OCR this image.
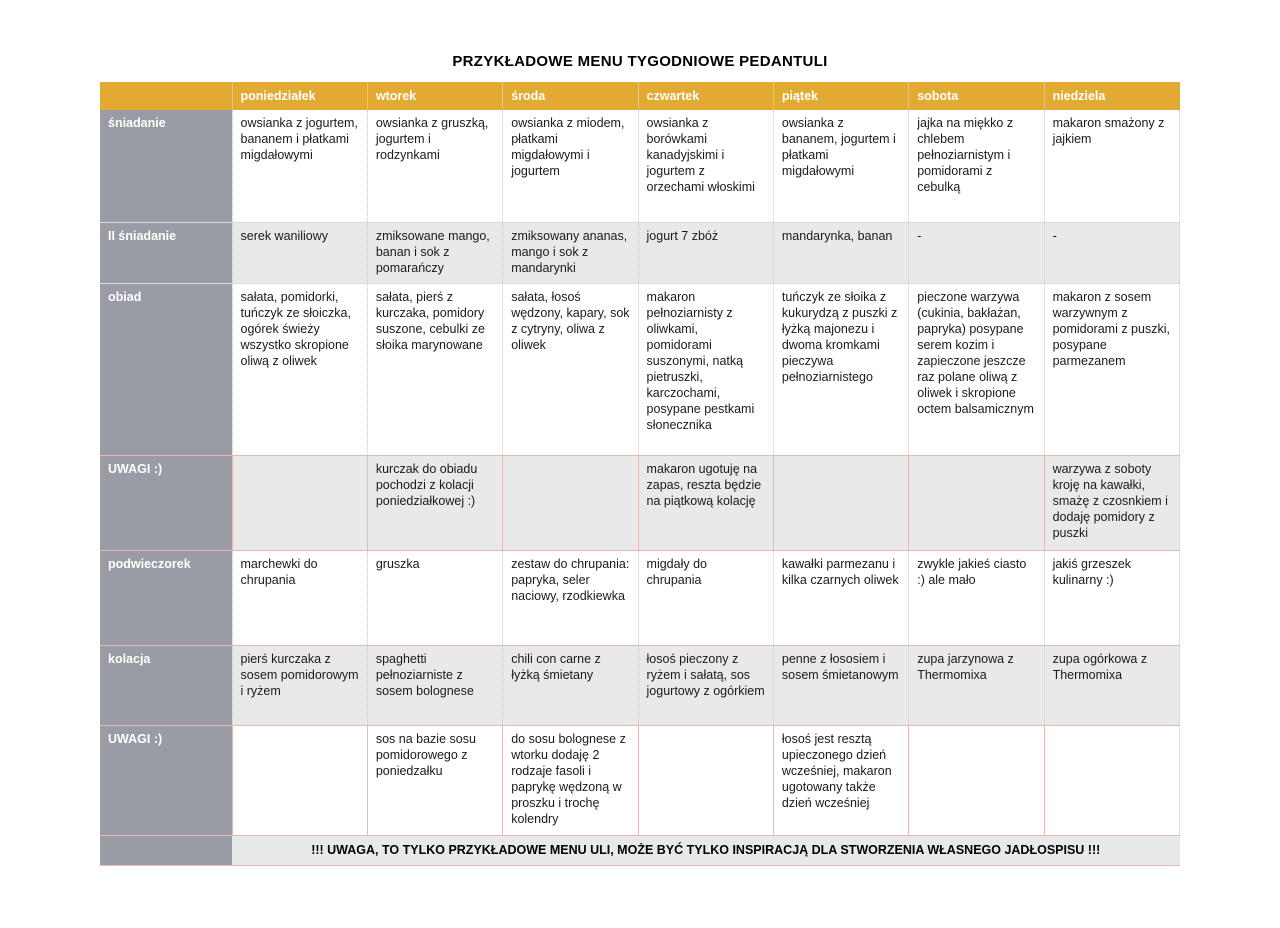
PRZYKŁADOWE MENU TYGODNIOWE PEDANTULI
	poniedziałek	wtorek	środa	czwartek	piątek	sobota	niedziela
śniadanie	owsianka z jogurtem, bananem i płatkami migdałowymi	owsianka z gruszką, jogurtem i rodzynkami	owsianka z miodem, płatkami migdałowymi i jogurtem	owsianka z borówkami kanadyjskimi i jogurtem z orzechami włoskimi	owsianka z bananem, jogurtem i płatkami migdałowymi	jajka na miękko z chlebem pełnoziarnistym i pomidorami z cebulką	makaron smażony z jajkiem
II śniadanie	serek waniliowy	zmiksowane mango, banan i sok z pomarańczy	zmiksowany ananas, mango i sok z mandarynki	jogurt 7 zbóż	mandarynka, banan	-	-
obiad	sałata, pomidorki, tuńczyk ze słoiczka, ogórek świeży wszystko skropione oliwą z oliwek	sałata, pierś z kurczaka, pomidory suszone, cebulki ze słoika marynowane	sałata, łosoś wędzony, kapary, sok z cytryny, oliwa z oliwek	makaron pełnoziarnisty z oliwkami, pomidorami suszonymi, natką pietruszki, karczochami, posypane pestkami słonecznika	tuńczyk ze słoika z kukurydzą z puszki z łyżką majonezu i dwoma kromkami pieczywa pełnoziarnistego	pieczone warzywa (cukinia, bakłażan, papryka) posypane serem kozim i zapieczone jeszcze raz polane oliwą z oliwek i skropione octem balsamicznym	makaron z sosem warzywnym z pomidorami z puszki, posypane parmezanem
UWAGI :)		kurczak do obiadu pochodzi z kolacji poniedziałkowej :)		makaron ugotuję na zapas, reszta będzie na piątkową kolację			warzywa z soboty kroję na kawałki, smażę z czosnkiem i dodaję pomidory z puszki
podwieczorek	marchewki do chrupania	gruszka	zestaw do chrupania: papryka, seler naciowy, rzodkiewka	migdały do chrupania	kawałki parmezanu i kilka czarnych oliwek	zwykle jakieś ciasto :) ale mało	jakiś grzeszek kulinarny :)
kolacja	pierś kurczaka z sosem pomidorowym i ryżem	spaghetti pełnoziarniste z sosem bolognese	chili con carne z łyżką śmietany	łosoś pieczony z ryżem i sałatą, sos jogurtowy z ogórkiem	penne z łososiem i sosem śmietanowym	zupa jarzynowa z Thermomixa	zupa ogórkowa z Thermomixa
UWAGI :)		sos na bazie sosu pomidorowego z poniedzałku	do sosu bolognese z wtorku dodaję 2 rodzaje fasoli i paprykę wędzoną w proszku i trochę kolendry		łosoś jest resztą upieczonego dzień wcześniej, makaron ugotowany także dzień wcześniej		
	!!! UWAGA, TO TYLKO PRZYKŁADOWE MENU ULI, MOŻE BYĆ TYLKO INSPIRACJĄ DLA STWORZENIA WŁASNEGO JADŁOSPISU !!!						
